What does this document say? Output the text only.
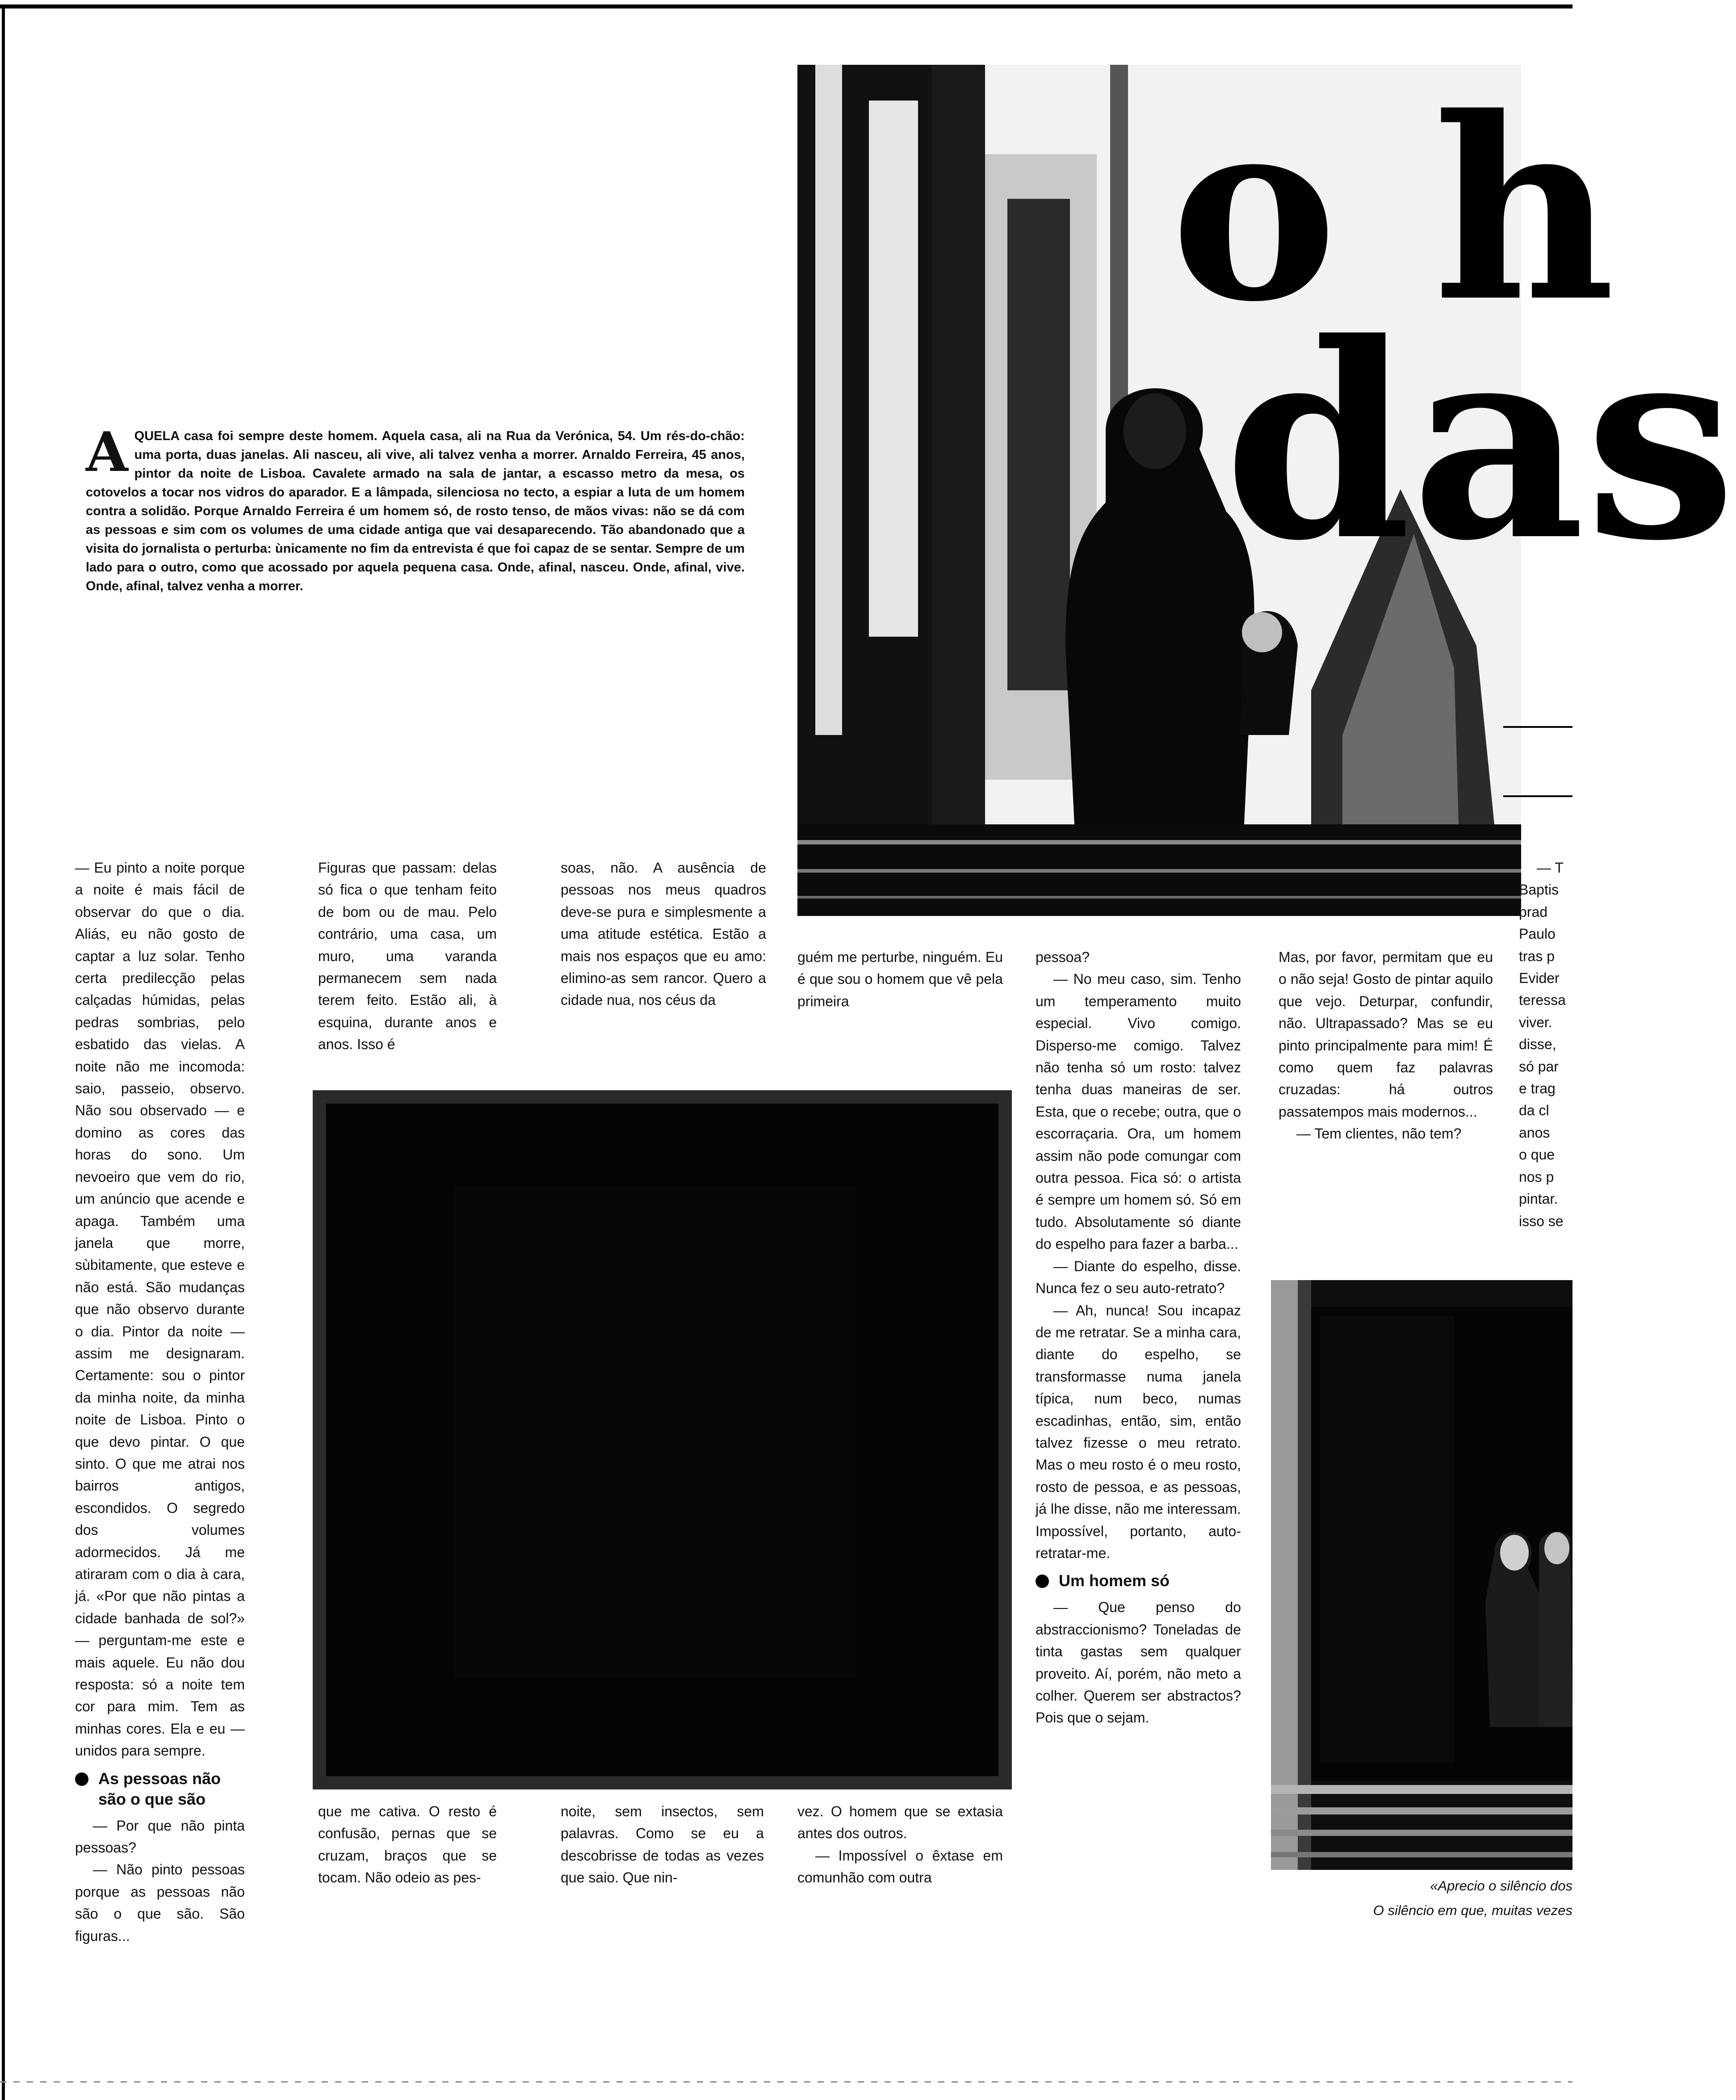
o h
das
A QUELA casa foi sempre deste homem. Aquela casa, ali na Rua da Verónica, 54. Um rés-do-chão: uma porta, duas janelas. Ali nasceu, ali vive, ali talvez venha a morrer. Arnaldo Ferreira, 45 anos, pintor da noite de Lisboa. Cavalete armado na sala de jantar, a escasso metro da mesa, os cotovelos a tocar nos vidros do aparador. E a lâmpada, silenciosa no tecto, a espiar a luta de um homem contra a solidão. Porque Arnaldo Ferreira é um homem só, de rosto tenso, de mãos vivas: não se dá com as pessoas e sim com os volumes de uma cidade antiga que vai desaparecendo. Tão abandonado que a visita do jornalista o perturba: ùnicamente no fim da entrevista é que foi capaz de se sentar. Sempre de um lado para o outro, como que acossado por aquela pequena casa. Onde, afinal, nasceu. Onde, afinal, vive. Onde, afinal, talvez venha a morrer.

— Eu pinto a noite porque a noite é mais fácil de observar do que o dia. Aliás, eu não gosto de captar a luz solar. Tenho certa predilecção pelas calçadas húmidas, pelas pedras sombrias, pelo esbatido das vielas. A noite não me incomoda: saio, passeio, observo. Não sou observado — e domino as cores das horas do sono. Um nevoeiro que vem do rio, um anúncio que acende e apaga. Também uma janela que morre, sùbitamente, que esteve e não está. São mudanças que não observo durante o dia. Pintor da noite — assim me designaram. Certamente: sou o pintor da minha noite, da minha noite de Lisboa. Pinto o que devo pintar. O que sinto. O que me atrai nos bairros antigos, escondidos. O segredo dos volumes adormecidos. Já me atiraram com o dia à cara, já. «Por que não pintas a cidade banhada de sol?» — perguntam-me este e mais aquele. Eu não dou resposta: só a noite tem cor para mim. Tem as minhas cores. Ela e eu — unidos para sempre.

As pessoas não são o que são

— Por que não pinta pessoas?

— Não pinto pessoas porque as pessoas não são o que são. São figuras...

Figuras que passam: delas só fica o que tenham feito de bom ou de mau. Pelo contrário, uma casa, um muro, uma varanda permanecem sem nada terem feito. Estão ali, à esquina, durante anos e anos. Isso é

que me cativa. O resto é confusão, pernas que se cruzam, braços que se tocam. Não odeio as pes-

soas, não. A ausência de pessoas nos meus quadros deve-se pura e simplesmente a uma atitude estética. Estão a mais nos espaços que eu amo: elimino-as sem rancor. Quero a cidade nua, nos céus da

noite, sem insectos, sem palavras. Como se eu a descobrisse de todas as vezes que saio. Que nin-

guém me perturbe, ninguém. Eu é que sou o homem que vê pela primeira

vez. O homem que se extasia antes dos outros.

— Impossível o êxtase em comunhão com outra

pessoa?

— No meu caso, sim. Tenho um temperamento muito especial. Vivo comigo. Disperso-me comigo. Talvez não tenha só um rosto: talvez tenha duas maneiras de ser. Esta, que o recebe; outra, que o escorraçaria. Ora, um homem assim não pode comungar com outra pessoa. Fica só: o artista é sempre um homem só. Só em tudo. Absolutamente só diante do espelho para fazer a barba...

— Diante do espelho, disse. Nunca fez o seu auto-retrato?

— Ah, nunca! Sou incapaz de me retratar. Se a minha cara, diante do espelho, se transformasse numa janela típica, num beco, numas escadinhas, então, sim, então talvez fizesse o meu retrato. Mas o meu rosto é o meu rosto, rosto de pessoa, e as pessoas, já lhe disse, não me interessam. Impossível, portanto, auto-retratar-me.

Um homem só

— Que penso do abstraccionismo? Toneladas de tinta gastas sem qualquer proveito. Aí, porém, não meto a colher. Querem ser abstractos? Pois que o sejam.

Mas, por favor, permitam que eu o não seja! Gosto de pintar aquilo que vejo. Deturpar, confundir, não. Ultrapassado? Mas se eu pinto principalmente para mim! É como quem faz palavras cruzadas: há outros passatempos mais modernos...

— Tem clientes, não tem?

— T
Baptis
prad
Paulo
tras p
Evider
teressa
viver.
disse,
só par
e trag
da cl
anos
o que
nos p
pintar.
isso se
«Aprecio o silêncio dos
O silêncio em que, muitas vezes
